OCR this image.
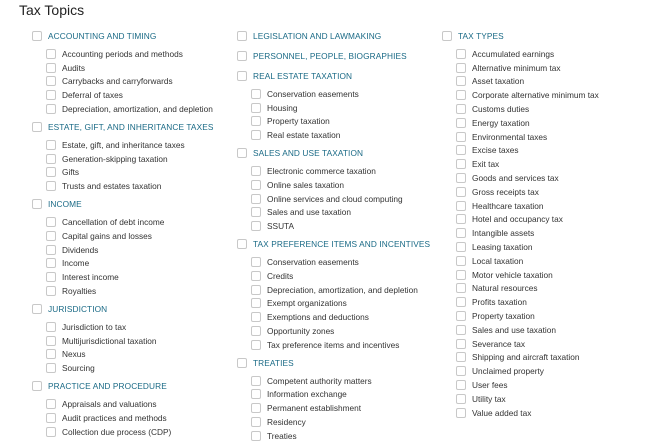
Tax Topics
ACCOUNTING AND TIMING
Accounting periods and methods
Audits
Carrybacks and carryforwards
Deferral of taxes
Depreciation, amortization, and depletion
ESTATE, GIFT, AND INHERITANCE TAXES
Estate, gift, and inheritance taxes
Generation-skipping taxation
Gifts
Trusts and estates taxation
INCOME
Cancellation of debt income
Capital gains and losses
Dividends
Income
Interest income
Royalties
JURISDICTION
Jurisdiction to tax
Multijurisdictional taxation
Nexus
Sourcing
PRACTICE AND PROCEDURE
Appraisals and valuations
Audit practices and methods
Collection due process (CDP)
LEGISLATION AND LAWMAKING
PERSONNEL, PEOPLE, BIOGRAPHIES
REAL ESTATE TAXATION
Conservation easements
Housing
Property taxation
Real estate taxation
SALES AND USE TAXATION
Electronic commerce taxation
Online sales taxation
Online services and cloud computing
Sales and use taxation
SSUTA
TAX PREFERENCE ITEMS AND INCENTIVES
Conservation easements
Credits
Depreciation, amortization, and depletion
Exempt organizations
Exemptions and deductions
Opportunity zones
Tax preference items and incentives
TREATIES
Competent authority matters
Information exchange
Permanent establishment
Residency
Treaties
TAX TYPES
Accumulated earnings
Alternative minimum tax
Asset taxation
Corporate alternative minimum tax
Customs duties
Energy taxation
Environmental taxes
Excise taxes
Exit tax
Goods and services tax
Gross receipts tax
Healthcare taxation
Hotel and occupancy tax
Intangible assets
Leasing taxation
Local taxation
Motor vehicle taxation
Natural resources
Profits taxation
Property taxation
Sales and use taxation
Severance tax
Shipping and aircraft taxation
Unclaimed property
User fees
Utility tax
Value added tax
